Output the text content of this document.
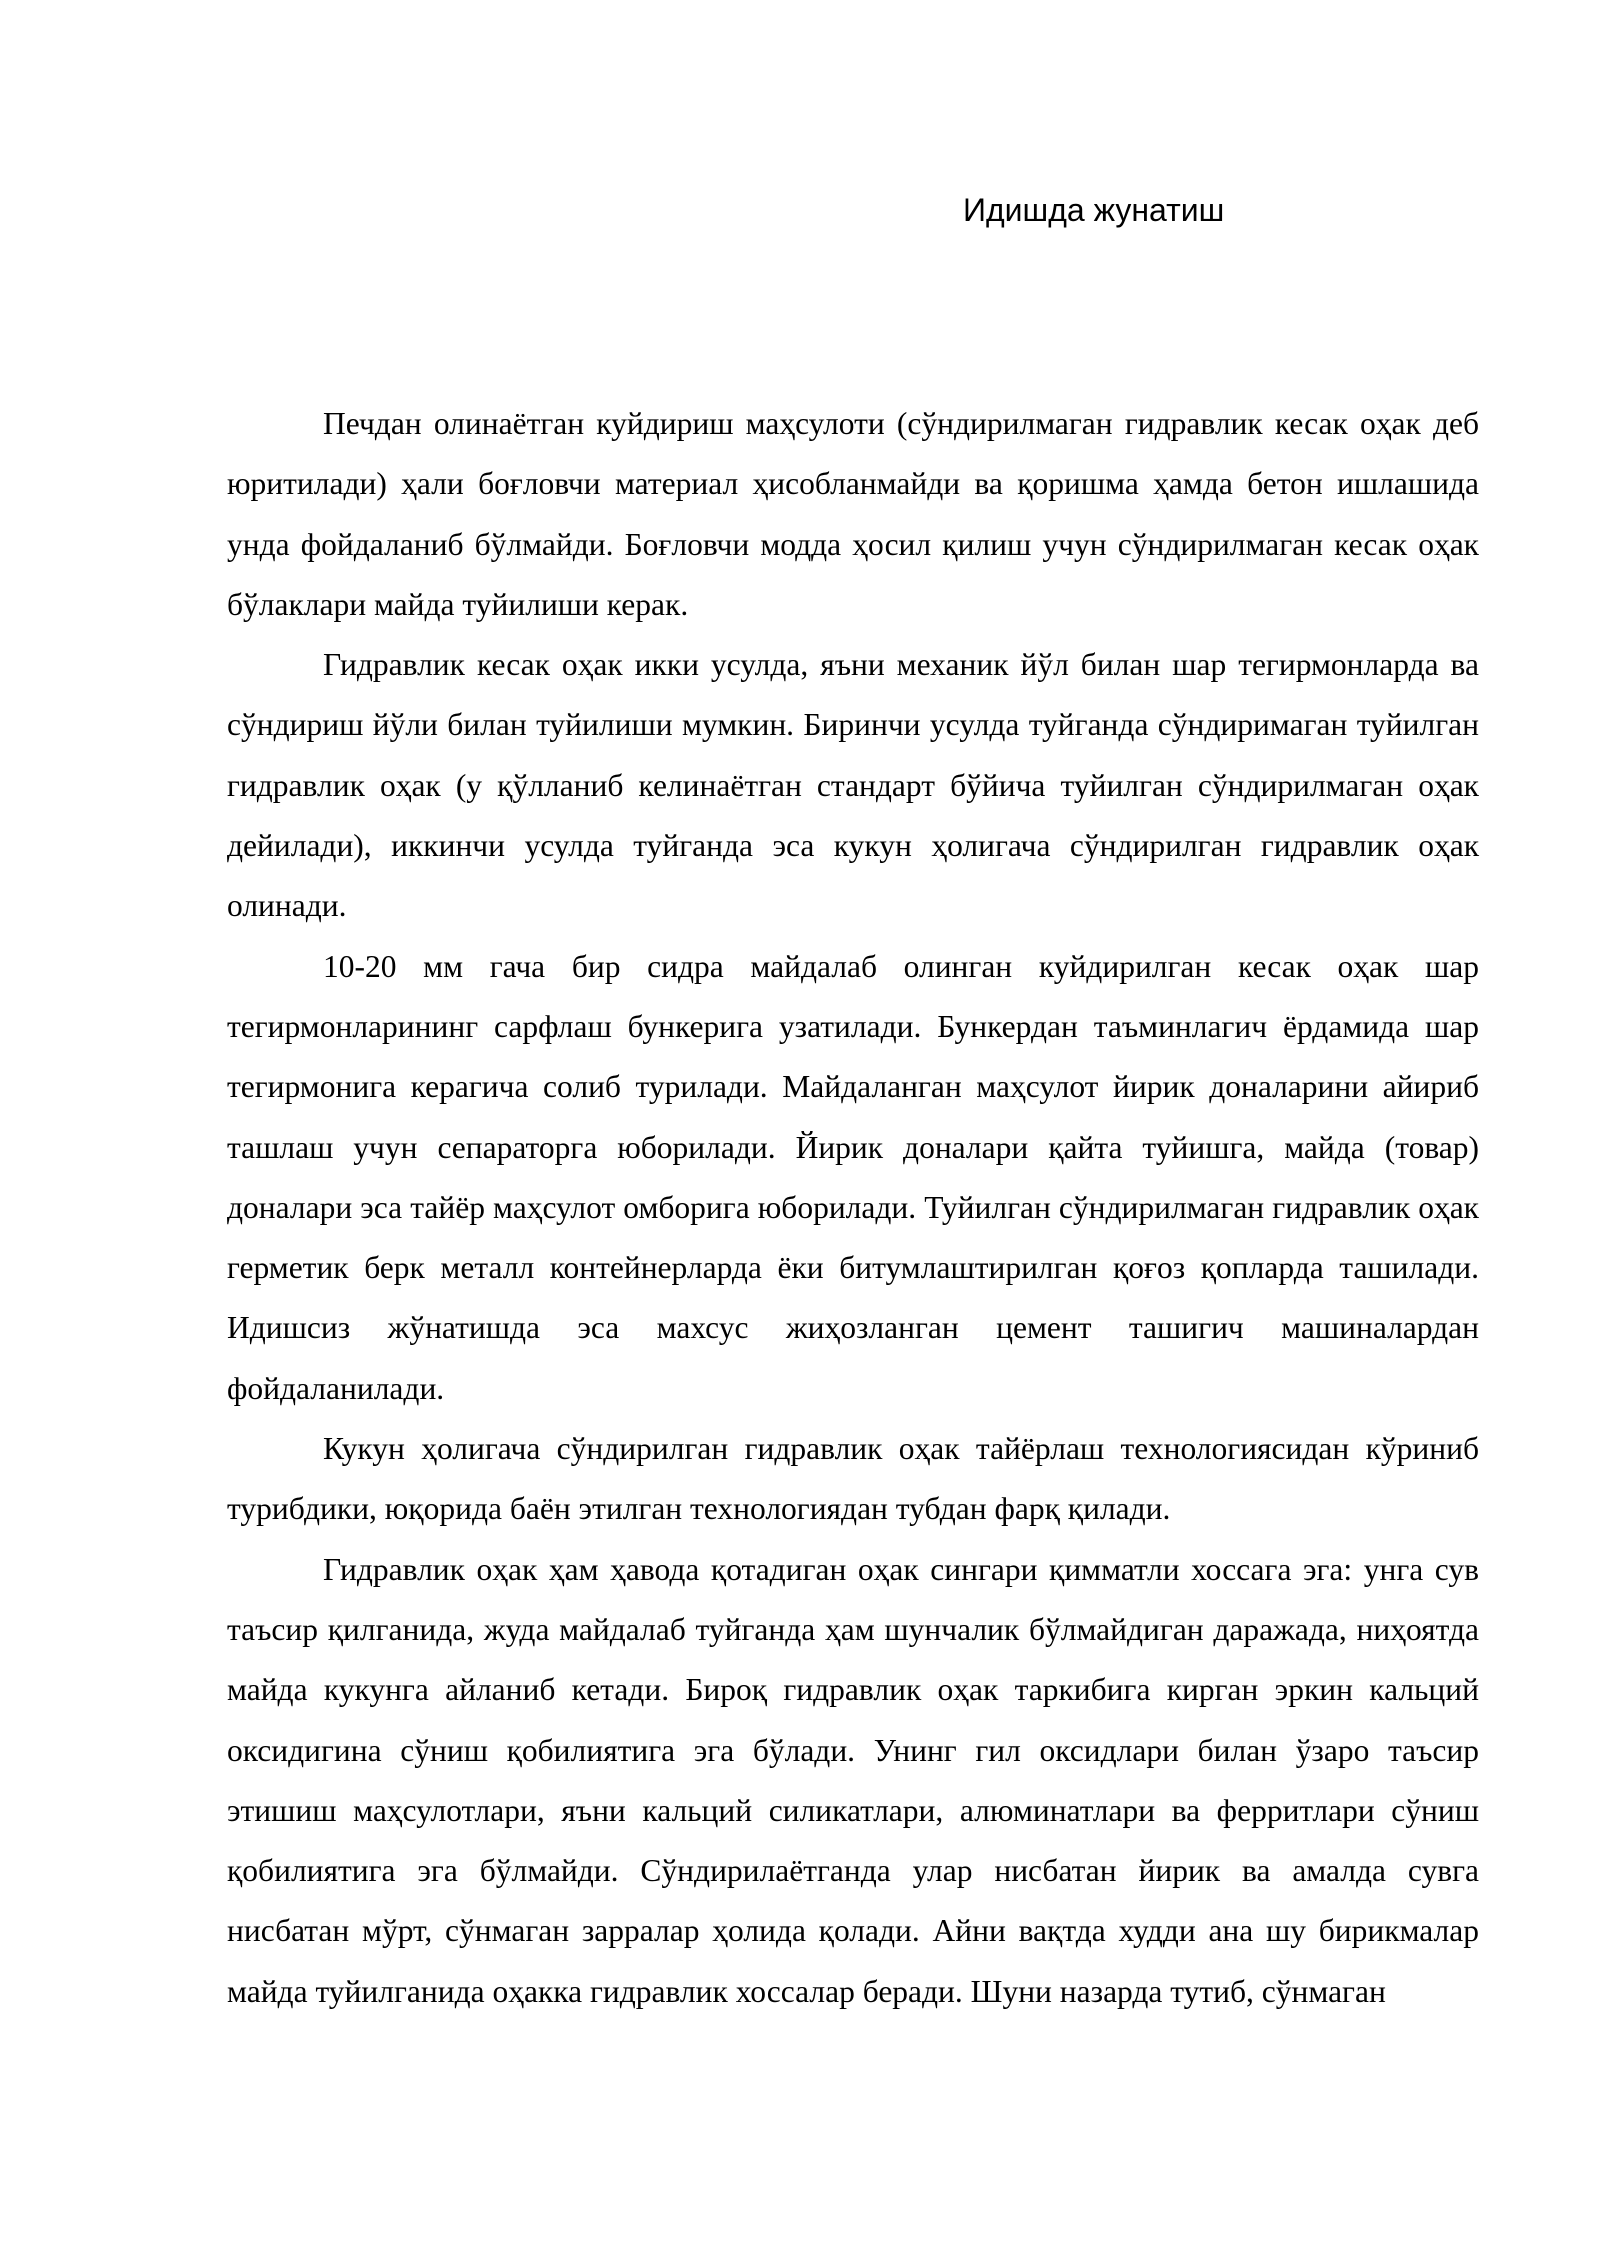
Идишда жунатиш

Печдан олинаётган куйдириш маҳсулоти (сўндирилмаган гидравлик кесак оҳак деб юритилади) ҳали боғловчи материал ҳисобланмайди ва қоришма ҳамда бетон ишлашида унда фойдаланиб бўлмайди. Боғловчи модда ҳосил қилиш учун сўндирилмаган кесак оҳак бўлаклари майда туйилиши керак.

Гидравлик кесак оҳак икки усулда, яъни механик йўл билан шар тегирмонларда ва сўндириш йўли билан туйилиши мумкин. Биринчи усулда туйганда сўндиримаган туйилган гидравлик оҳак (у қўлланиб келинаётган стандарт бўйича туйилган сўндирилмаган оҳак дейилади), иккинчи усулда туйганда эса кукун ҳолигача сўндирилган гидравлик оҳак олинади.

10-20 мм гача бир сидра майдалаб олинган куйдирилган кесак оҳак шар тегирмонларининг сарфлаш бункерига узатилади. Бункердан таъминлагич ёрдамида шар тегирмонига керагича солиб турилади. Майдаланган маҳсулот йирик доналарини айириб ташлаш учун сепараторга юборилади. Йирик доналари қайта туйишга, майда (товар) доналари эса тайёр маҳсулот омборига юборилади. Туйилган сўндирилмаган гидравлик оҳак герметик берк металл контейнерларда ёки битумлаштирилган қоғоз қопларда ташилади. Идишсиз жўнатишда эса махсус жиҳозланган цемент ташигич машиналардан фойдаланилади.

Кукун ҳолигача сўндирилган гидравлик оҳак тайёрлаш технологиясидан кўриниб турибдики, юқорида баён этилган технологиядан тубдан фарқ қилади.

Гидравлик оҳак ҳам ҳавода қотадиган оҳак сингари қимматли хоссага эга: унга сув таъсир қилганида, жуда майдалаб туйганда ҳам шунчалик бўлмайдиган даражада, ниҳоятда майда кукунга айланиб кетади. Бироқ гидравлик оҳак таркибига кирган эркин кальций оксидигина сўниш қобилиятига эга бўлади. Унинг гил оксидлари билан ўзаро таъсир этишиш маҳсулотлари, яъни кальций силикатлари, алюминатлари ва ферритлари сўниш қобилиятига эга бўлмайди. Сўндирилаётганда улар нисбатан йирик ва амалда сувга нисбатан мўрт, сўнмаган зарралар ҳолида қолади. Айни вақтда худди ана шу бирикмалар майда туйилганида оҳакка гидравлик хоссалар беради. Шуни назарда тутиб, сўнмаган
